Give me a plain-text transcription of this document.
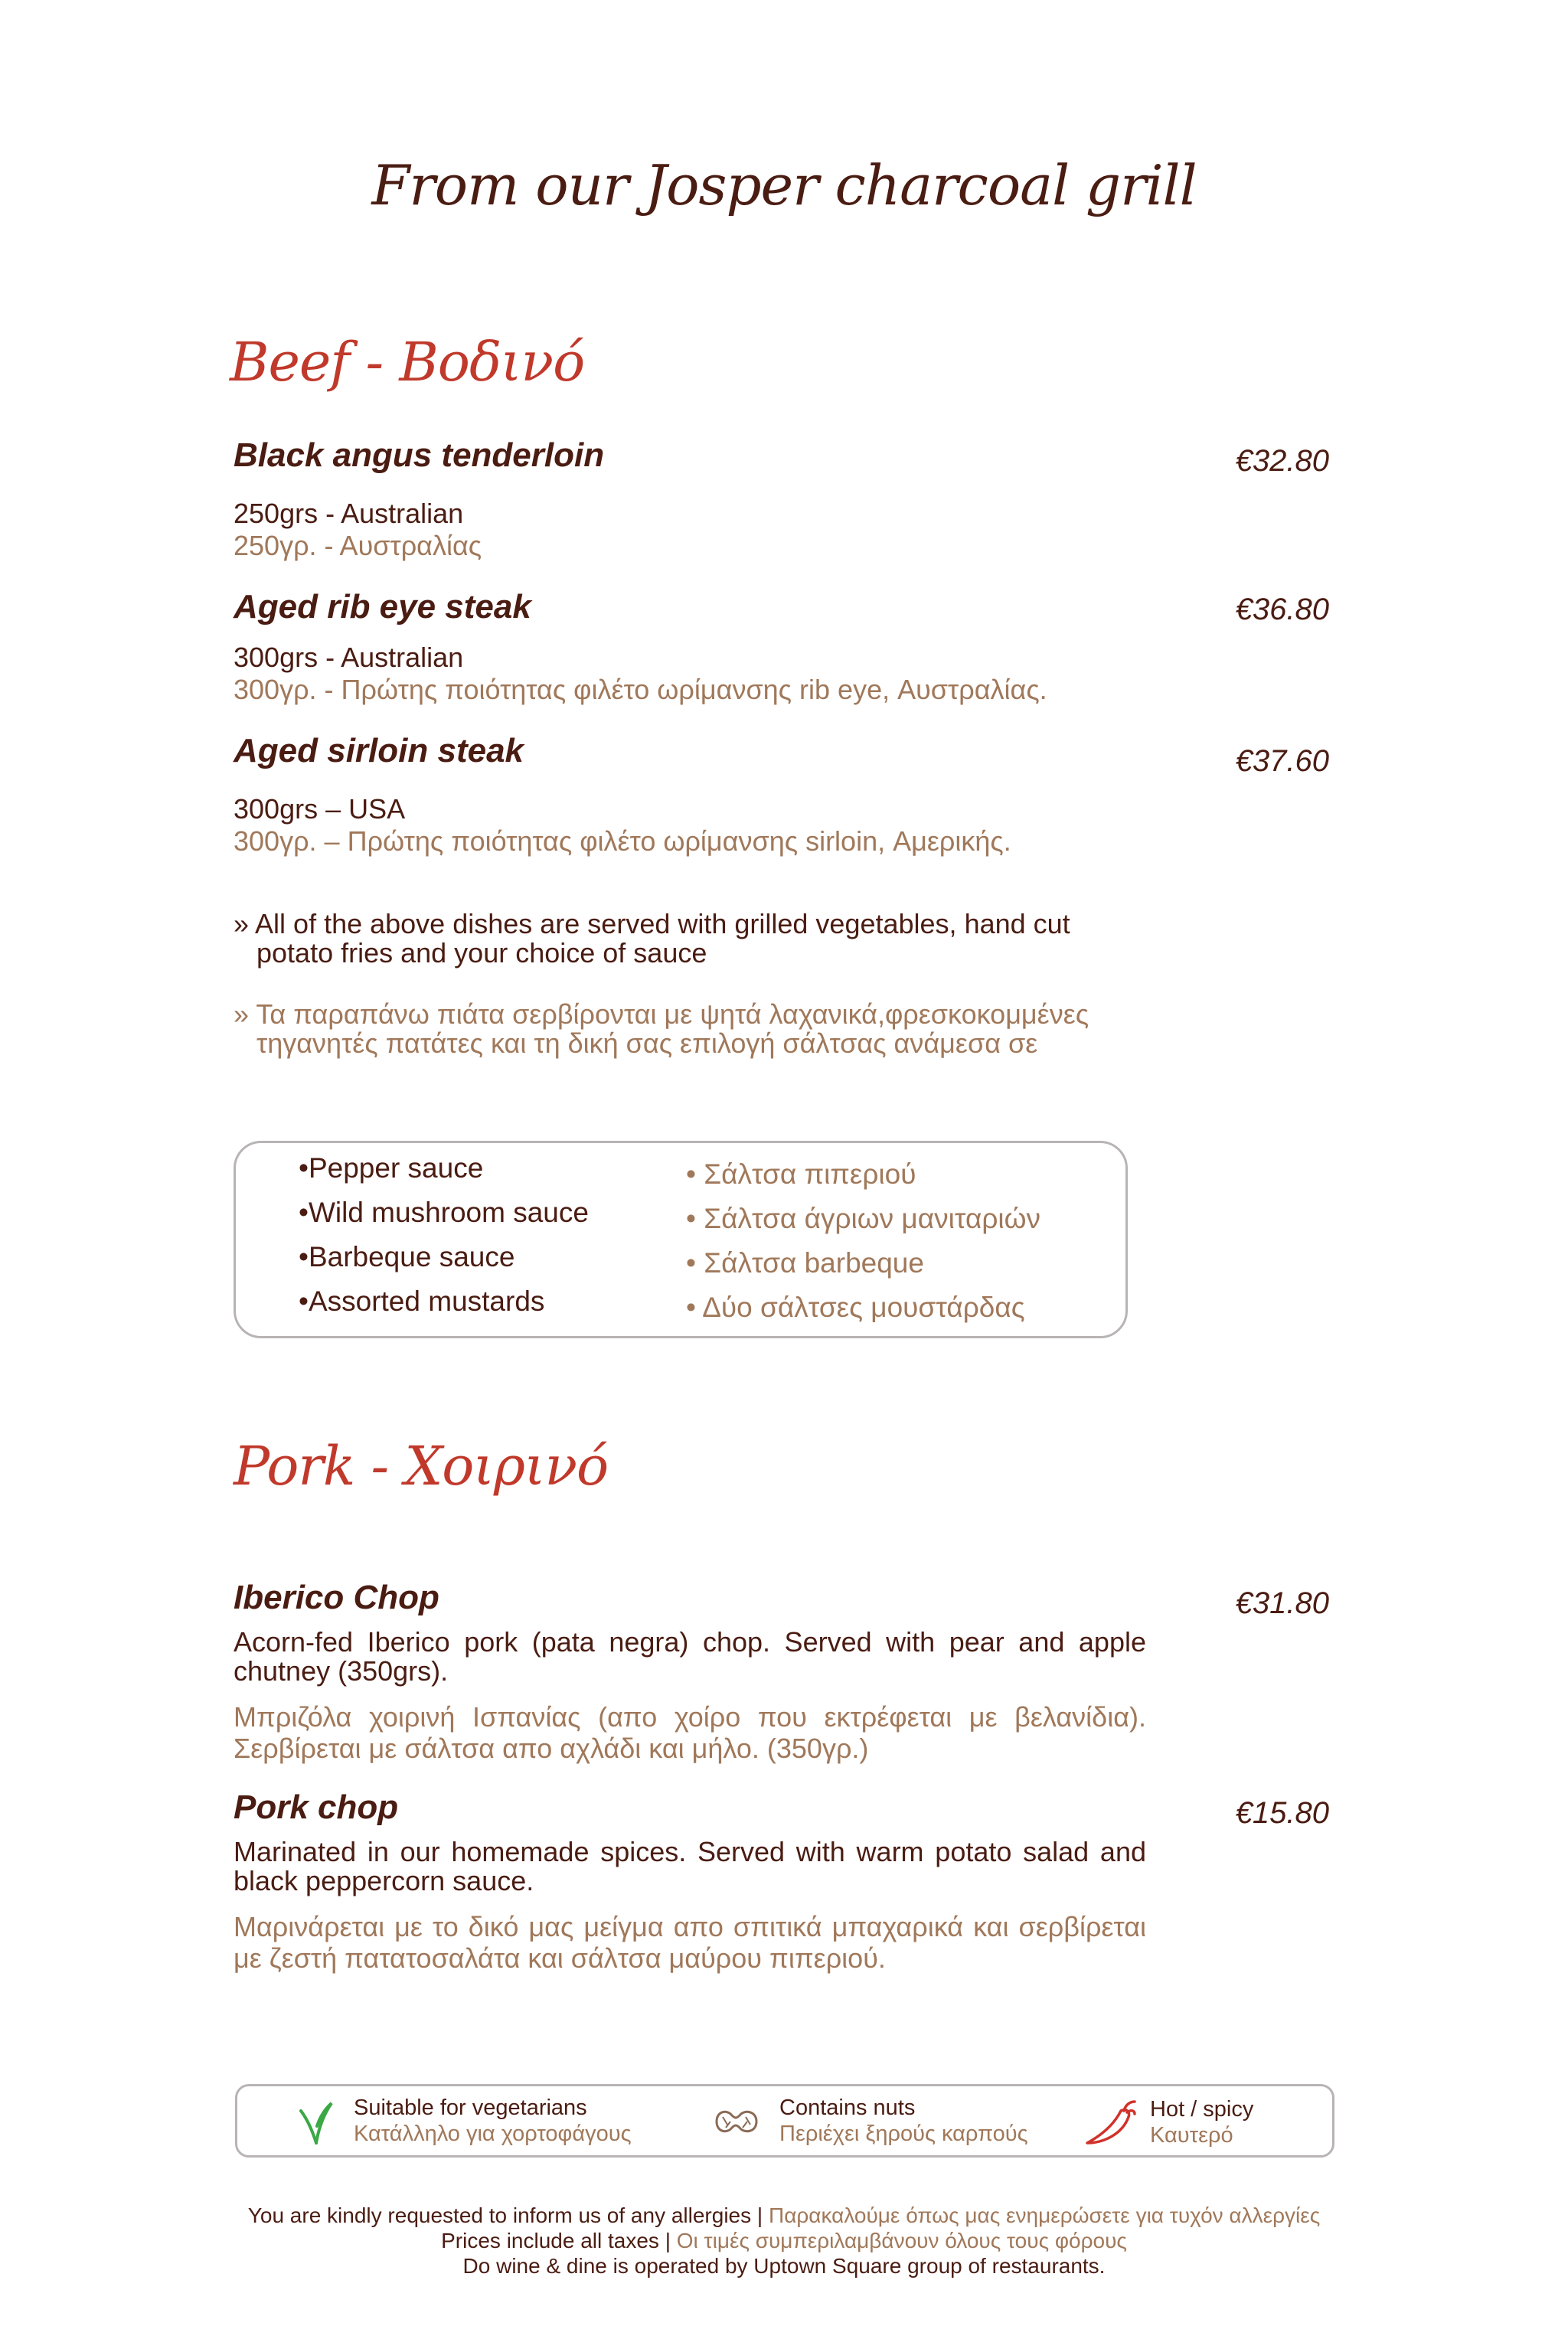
From our Josper charcoal grill
Beef - Βοδινό
Black angus tenderloin	€32.80
250grs - Australian
250γρ. - Αυστραλίας
Aged rib eye steak	€36.80
300grs - Australian
300γρ. - Πρώτης ποιότητας φιλέτο ωρίμανσης rib eye, Αυστραλίας.
Aged sirloin steak	€37.60
300grs – USA
300γρ. – Πρώτης ποιότητας φιλέτο ωρίμανσης sirloin, Αμερικής.
» All of the above dishes are served with grilled vegetables, hand cut
potato fries and your choice of sauce
» Τα παραπάνω πιάτα σερβίρονται με ψητά λαχανικά,φρεσκοκομμένες
τηγανητές πατάτες και τη δική σας επιλογή σάλτσας ανάμεσα σε
•Pepper sauce
•Wild mushroom sauce
•Barbeque sauce
•Assorted mustards
• Σάλτσα πιπεριού
• Σάλτσα άγριων μανιταριών
• Σάλτσα barbeque
• Δύο σάλτσες μουστάρδας
Pork - Χοιρινό
Iberico Chop	€31.80
Acorn-fed Iberico pork (pata negra) chop. Served with pear and apple chutney (350grs).
Μπριζόλα χοιρινή Ισπανίας (απο χοίρο που εκτρέφεται με βελανίδια). Σερβίρεται με σάλτσα απο αχλάδι και μήλο. (350γρ.)
Pork chop	€15.80
Marinated in our homemade spices. Served with warm potato salad and black peppercorn sauce.
Μαρινάρεται με το δικό μας μείγμα απο σπιτικά μπαχαρικά και σερβίρεται με ζεστή πατατοσαλάτα και σάλτσα μαύρου πιπεριού.
Suitable for vegetarians
Κατάλληλο για χορτοφάγους
Contains nuts
Περιέχει ξηρούς καρπούς
Hot / spicy
Καυτερό
You are kindly requested to inform us of any allergies | Παρακαλούμε όπως μας ενημερώσετε για τυχόν αλλεργίες
Prices include all taxes | Οι τιμές συμπεριλαμβάνουν όλους τους φόρους
Do wine & dine is operated by Uptown Square group of restaurants.
